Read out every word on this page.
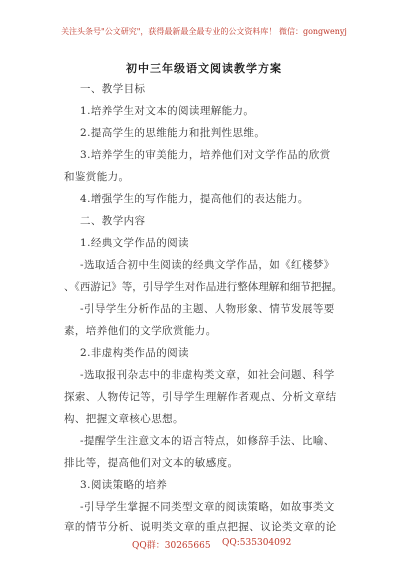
关注头条号"公文研究"，获得最新最全最专业的公文资料库！ 微信：gongwenyj
初中三年级语文阅读教学方案
一、教学目标
1.培养学生对文本的阅读理解能力。
2.提高学生的思维能力和批判性思维。
3.培养学生的审美能力，培养他们对文学作品的欣赏
和鉴赏能力。
4.增强学生的写作能力，提高他们的表达能力。
二、教学内容
1.经典文学作品的阅读
-选取适合初中生阅读的经典文学作品，如《红楼梦》
、《西游记》等，引导学生对作品进行整体理解和细节把握。
-引导学生分析作品的主题、人物形象、情节发展等要
素，培养他们的文学欣赏能力。
2.非虚构类作品的阅读
-选取报刊杂志中的非虚构类文章，如社会问题、科学
探索、人物传记等，引导学生理解作者观点、分析文章结
构、把握文章核心思想。
-提醒学生注意文本的语言特点，如修辞手法、比喻、
排比等，提高他们对文本的敏感度。
3.阅读策略的培养
-引导学生掌握不同类型文章的阅读策略，如故事类文
章的情节分析、说明类文章的重点把握、议论类文章的论
QQ群：30265665 QQ:535304092
